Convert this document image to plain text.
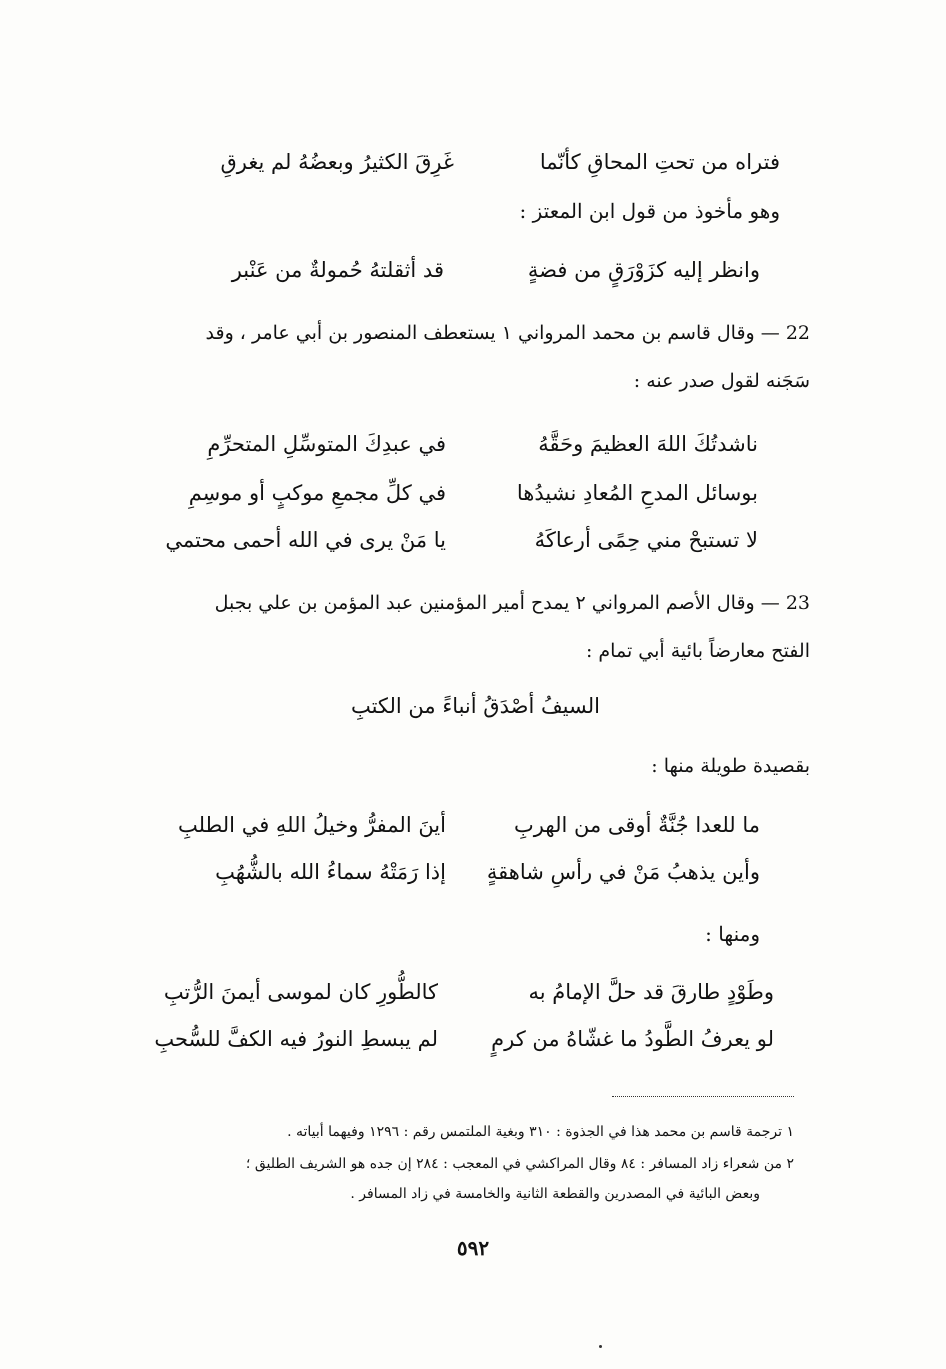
فتراه من تحتِ المحاقِ كأنّما
غَرِقَ الكثيرُ وبعضُهُ لم يغرقِ
وهو مأخوذ من قول ابن المعتز :
وانظر إليه كزَوْرَقٍ من فضةٍ
قد أثقلتهُ حُمولةٌ من عَنْبر
22 — وقال قاسم بن محمد المرواني ١ يستعطف المنصور بن أبي عامر ، وقد
سَجَنه لقول صدر عنه :
ناشدتُكَ اللهَ العظيمَ وحَقَّهُ
في عبدِكَ المتوسِّلِ المتحرِّمِ
بوسائل المدحِ المُعادِ نشيدُها
في كلِّ مجمعِ موكبٍ أو موسِمِ
لا تستبحْ مني حِمًى أرعاكَهُ
يا مَنْ يرى في الله أحمى محتمي
23 — وقال الأصم المرواني ٢ يمدح أمير المؤمنين عبد المؤمن بن علي بجبل
الفتح معارضاً بائية أبي تمام :
السيفُ أصْدَقُ أنباءً من الكتبِ
بقصيدة طويلة منها :
ما للعدا جُنَّةٌ أوقى من الهربِ
أينَ المفرُّ وخيلُ اللهِ في الطلبِ
وأين يذهبُ مَنْ في رأسِ شاهقةٍ
إذا رَمَتْهُ سماءُ الله بالشُّهُبِ
ومنها :
وطَوْدٍ طارقَ قد حلَّ الإمامُ به
كالطُّورِ كان لموسى أيمنَ الرُّتبِ
لو يعرفُ الطَّودُ ما غشّاهُ من كرمٍ
لم يبسطِ النورُ فيه الكفَّ للسُّحبِ
١ ترجمة قاسم بن محمد هذا في الجذوة : ٣١٠ وبغية الملتمس رقم : ١٢٩٦ وفيهما أبياته .
٢ من شعراء زاد المسافر : ٨٤ وقال المراكشي في المعجب : ٢٨٤ إن جده هو الشريف الطليق ؛
وبعض البائية في المصدرين والقطعة الثانية والخامسة في زاد المسافر .
٥٩٢
